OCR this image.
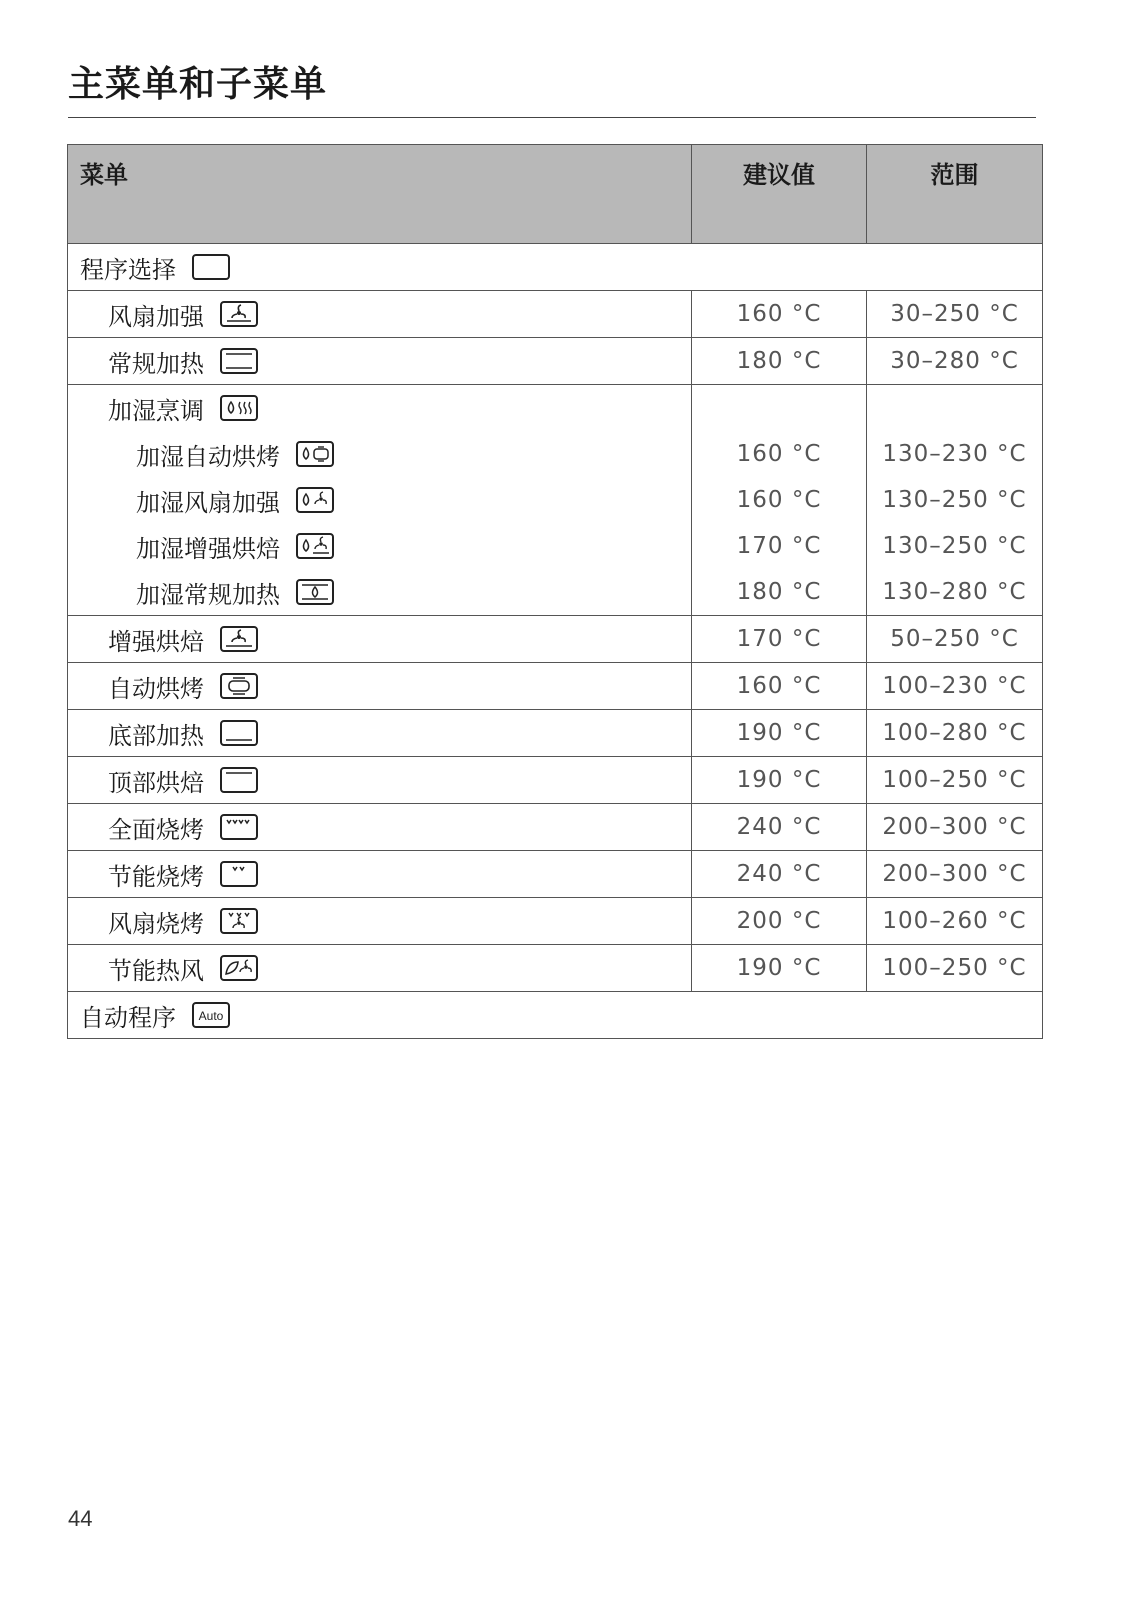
主菜单和子菜单
菜单	建议值	范围
程序选择		

风扇加强	160 °C	30–250 °C
常规加热	180 °C	30–280 °C
加湿烹调

加湿自动烘烤	160 °C	130–230 °C
加湿风扇加强	160 °C	130–250 °C
加湿增强烘焙	170 °C	130–250 °C
加湿常规加热	180 °C	130–280 °C
增强烘焙	170 °C	50–250 °C
自动烘烤	160 °C	100–230 °C
底部加热	190 °C	100–280 °C
顶部烘焙	190 °C	100–250 °C
全面烧烤	240 °C	200–300 °C
节能烧烤	240 °C	200–300 °C
风扇烧烤	200 °C	100–260 °C
节能热风	190 °C	100–250 °C
自动程序 Auto		
44
